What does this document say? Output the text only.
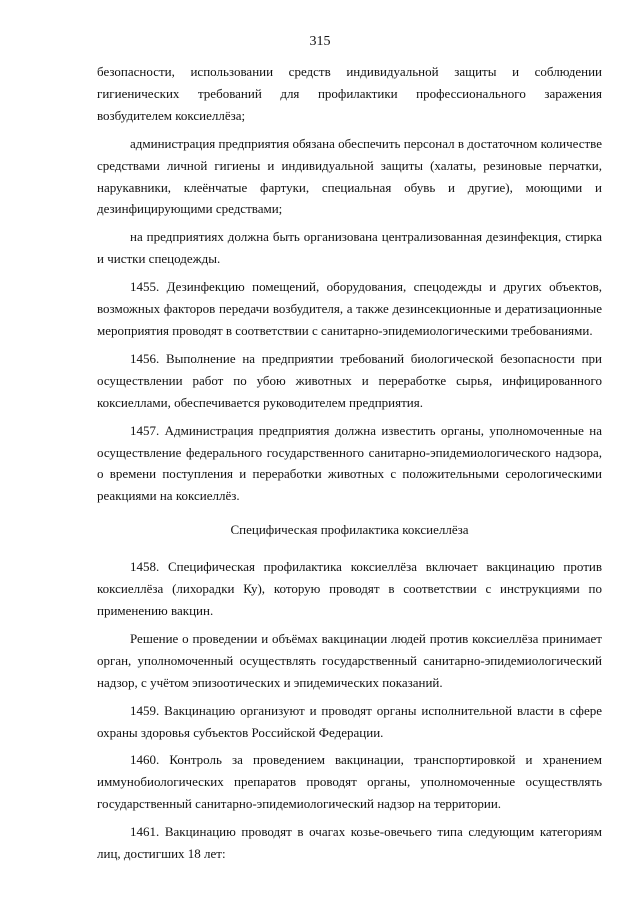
315

безопасности, использовании средств индивидуальной защиты и соблюдении гигиенических требований для профилактики профессионального заражения возбудителем коксиеллёза;

администрация предприятия обязана обеспечить персонал в достаточном количестве средствами личной гигиены и индивидуальной защиты (халаты, резиновые перчатки, нарукавники, клеёнчатые фартуки, специальная обувь и другие), моющими и дезинфицирующими средствами;

на предприятиях должна быть организована централизованная дезинфекция, стирка и чистки спецодежды.

1455. Дезинфекцию помещений, оборудования, спецодежды и других объектов, возможных факторов передачи возбудителя, а также дезинсекционные и дератизационные мероприятия проводят в соответствии с санитарно-эпидемиологическими требованиями.

1456. Выполнение на предприятии требований биологической безопасности при осуществлении работ по убою животных и переработке сырья, инфицированного коксиеллами, обеспечивается руководителем предприятия.

1457. Администрация предприятия должна известить органы, уполномоченные на осуществление федерального государственного санитарно-эпидемиологического надзора, о времени поступления и переработки животных с положительными серологическими реакциями на коксиеллёз.

Специфическая профилактика коксиеллёза

1458. Специфическая профилактика коксиеллёза включает вакцинацию против коксиеллёза (лихорадки Ку), которую проводят в соответствии с инструкциями по применению вакцин.

Решение о проведении и объёмах вакцинации людей против коксиеллёза принимает орган, уполномоченный осуществлять государственный санитарно-эпидемиологический надзор, с учётом эпизоотических и эпидемических показаний.

1459. Вакцинацию организуют и проводят органы исполнительной власти в сфере охраны здоровья субъектов Российской Федерации.

1460. Контроль за проведением вакцинации, транспортировкой и хранением иммунобиологических препаратов проводят органы, уполномоченные осуществлять государственный санитарно-эпидемиологический надзор на территории.

1461. Вакцинацию проводят в очагах козье-овечьего типа следующим категориям лиц, достигших 18 лет:
